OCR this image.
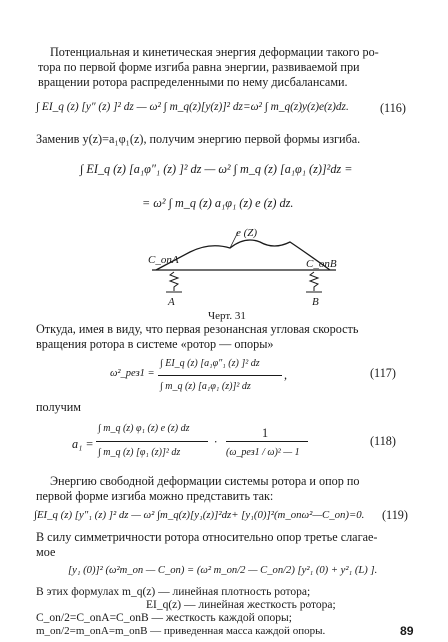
Потенциальная и кинетическая энергия деформации такого ро-
тора по первой форме изгиба равна энергии, развиваемой при
вращении ротора распределенными по нему дисбалансами.
∫ EI_q (z) [y″ (z) ]² dz — ω² ∫ m_q(z)[y(z)]² dz=ω² ∫ m_q(z)y(z)e(z)dz.	(116)
Заменив y(z)=a₁φ₁(z), получим энергию первой формы изгиба.
∫ EI_q (z) [a₁φ″₁ (z) ]² dz — ω² ∫ m_q (z) [a₁φ₁ (z)]²dz =
= ω² ∫ m_q (z) a₁φ₁ (z) e (z) dz.
e (Z)
C_onA	C_onB
A	B
Черт. 31
Откуда, имея в виду, что первая резонансная угловая скорость
вращения ротора в системе «ротор — опоры»
ω²_рез1 =
∫ EI_q (z) [a₁φ″₁ (z) ]² dz
∫ m_q (z) [a₁φ₁ (z)]² dz
,	(117)
получим
a₁ =
∫ m_q (z) φ₁ (z) e (z) dz
∫ m_q (z) [φ₁ (z)]² dz
·
1
(ω_рез1 / ω)² — 1
(118)
Энергию свободной деформации системы ротора и опор по
первой форме изгиба можно представить так:
∫EI_q (z) [y″₁ (z) ]² dz — ω² ∫m_q(z)[y₁(z)]²dz+ [y₁(0)]²(m_onω²—C_on)=0. (119)
В силу симметричности ротора относительно опор третье слагае-
мое
[y₁ (0)]² (ω²m_on — C_on) = (ω² m_on/2 — C_on/2) [y²₁ (0) + y²₁ (L) ].
В этих формулах m_q(z) — линейная плотность ротора;
EI_q(z) — линейная жесткость ротора;
C_on/2=C_onA=C_onB — жесткость каждой опоры;
m_on/2=m_onA=m_onB — приведенная масса каждой опоры.	89
